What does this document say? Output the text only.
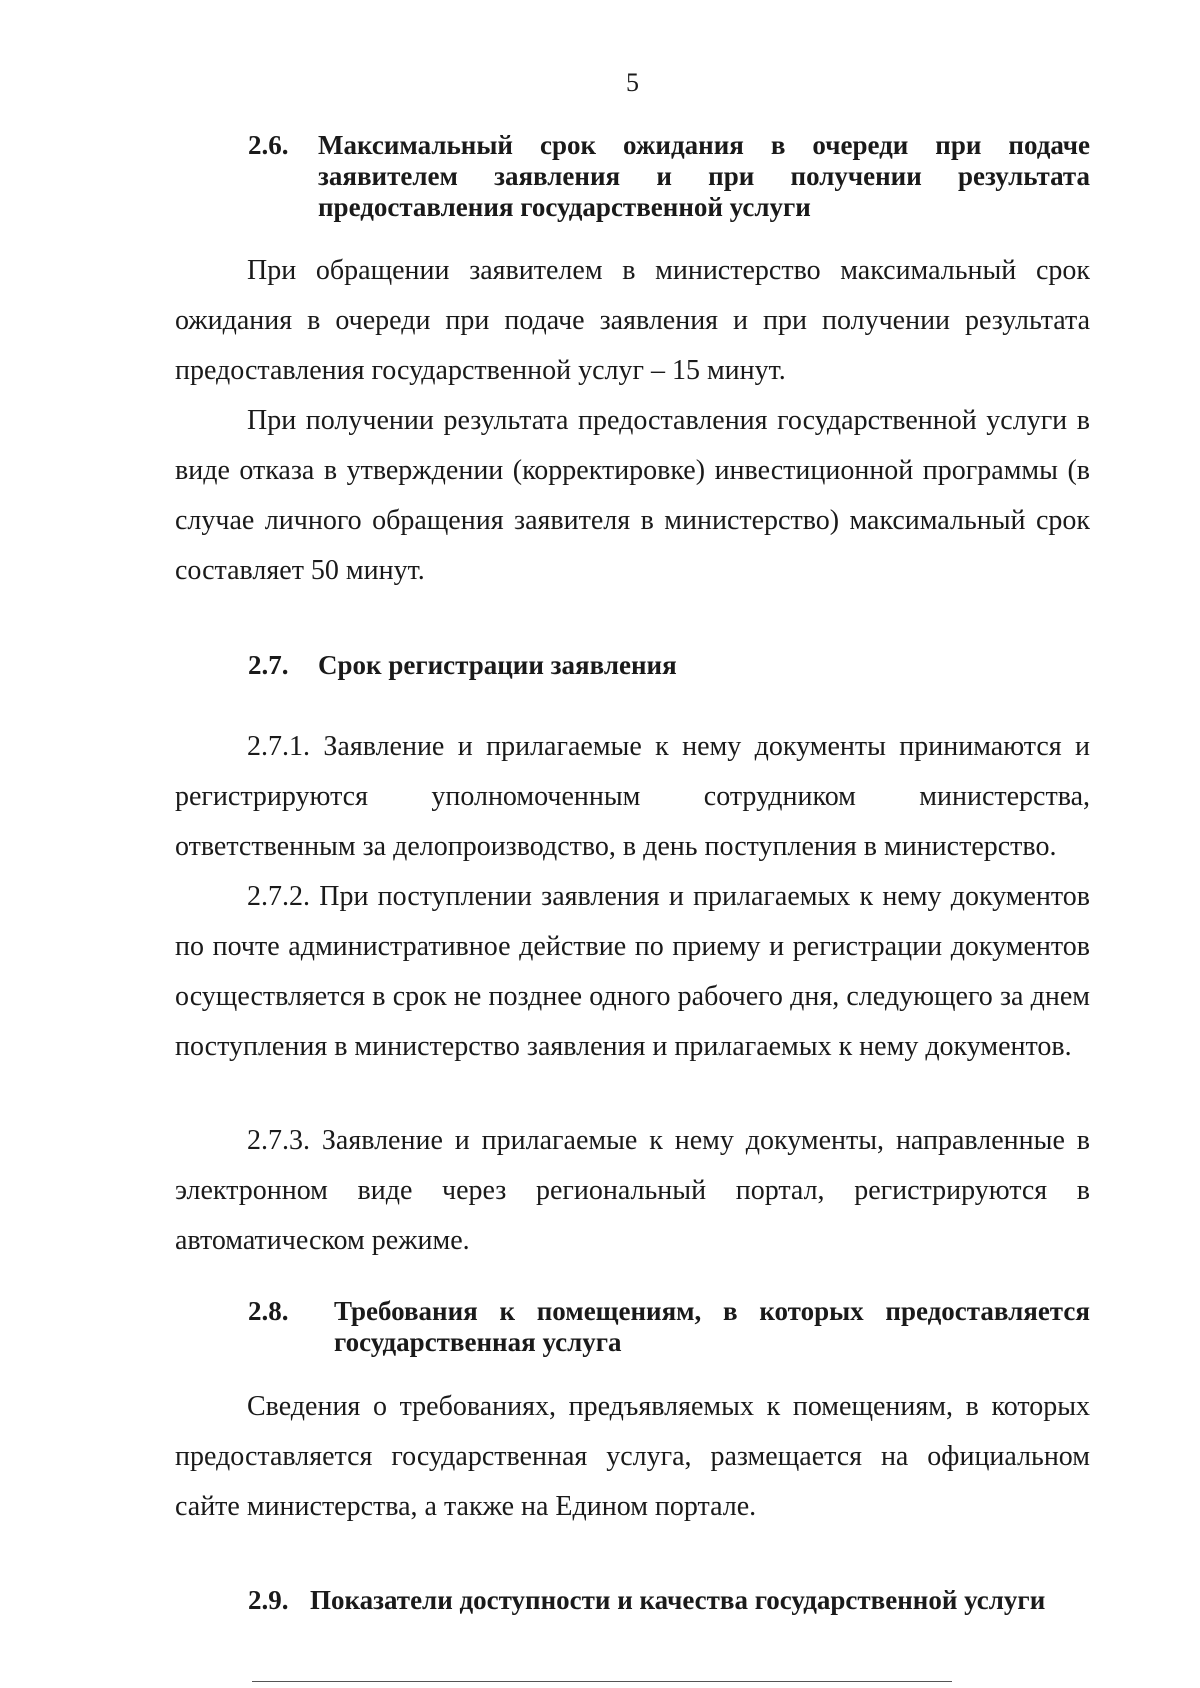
5
2.6. Максимальный срок ожидания в очереди при подаче заявителем заявления и при получении результата предоставления государственной услуги

При обращении заявителем в министерство максимальный срок ожидания в очереди при подаче заявления и при получении результата предоставления государственной услуг – 15 минут.

При получении результата предоставления государственной услуги в виде отказа в утверждении (корректировке) инвестиционной программы (в случае личного обращения заявителя в министерство) максимальный срок составляет 50 минут.

2.7. Срок регистрации заявления

2.7.1. Заявление и прилагаемые к нему документы принимаются и регистрируются уполномоченным сотрудником министерства, ответственным за делопроизводство, в день поступления в министерство.

2.7.2. При поступлении заявления и прилагаемых к нему документов по почте административное действие по приему и регистрации документов осуществляется в срок не позднее одного рабочего дня, следующего за днем поступления в министерство заявления и прилагаемых к нему документов.

2.7.3. Заявление и прилагаемые к нему документы, направленные в электронном виде через региональный портал, регистрируются в автоматическом режиме.

2.8. Требования к помещениям, в которых предоставляется государственная услуга

Сведения о требованиях, предъявляемых к помещениям, в которых предоставляется государственная услуга, размещается на официальном сайте министерства, а также на Едином портале.

2.9. Показатели доступности и качества государственной услуги
